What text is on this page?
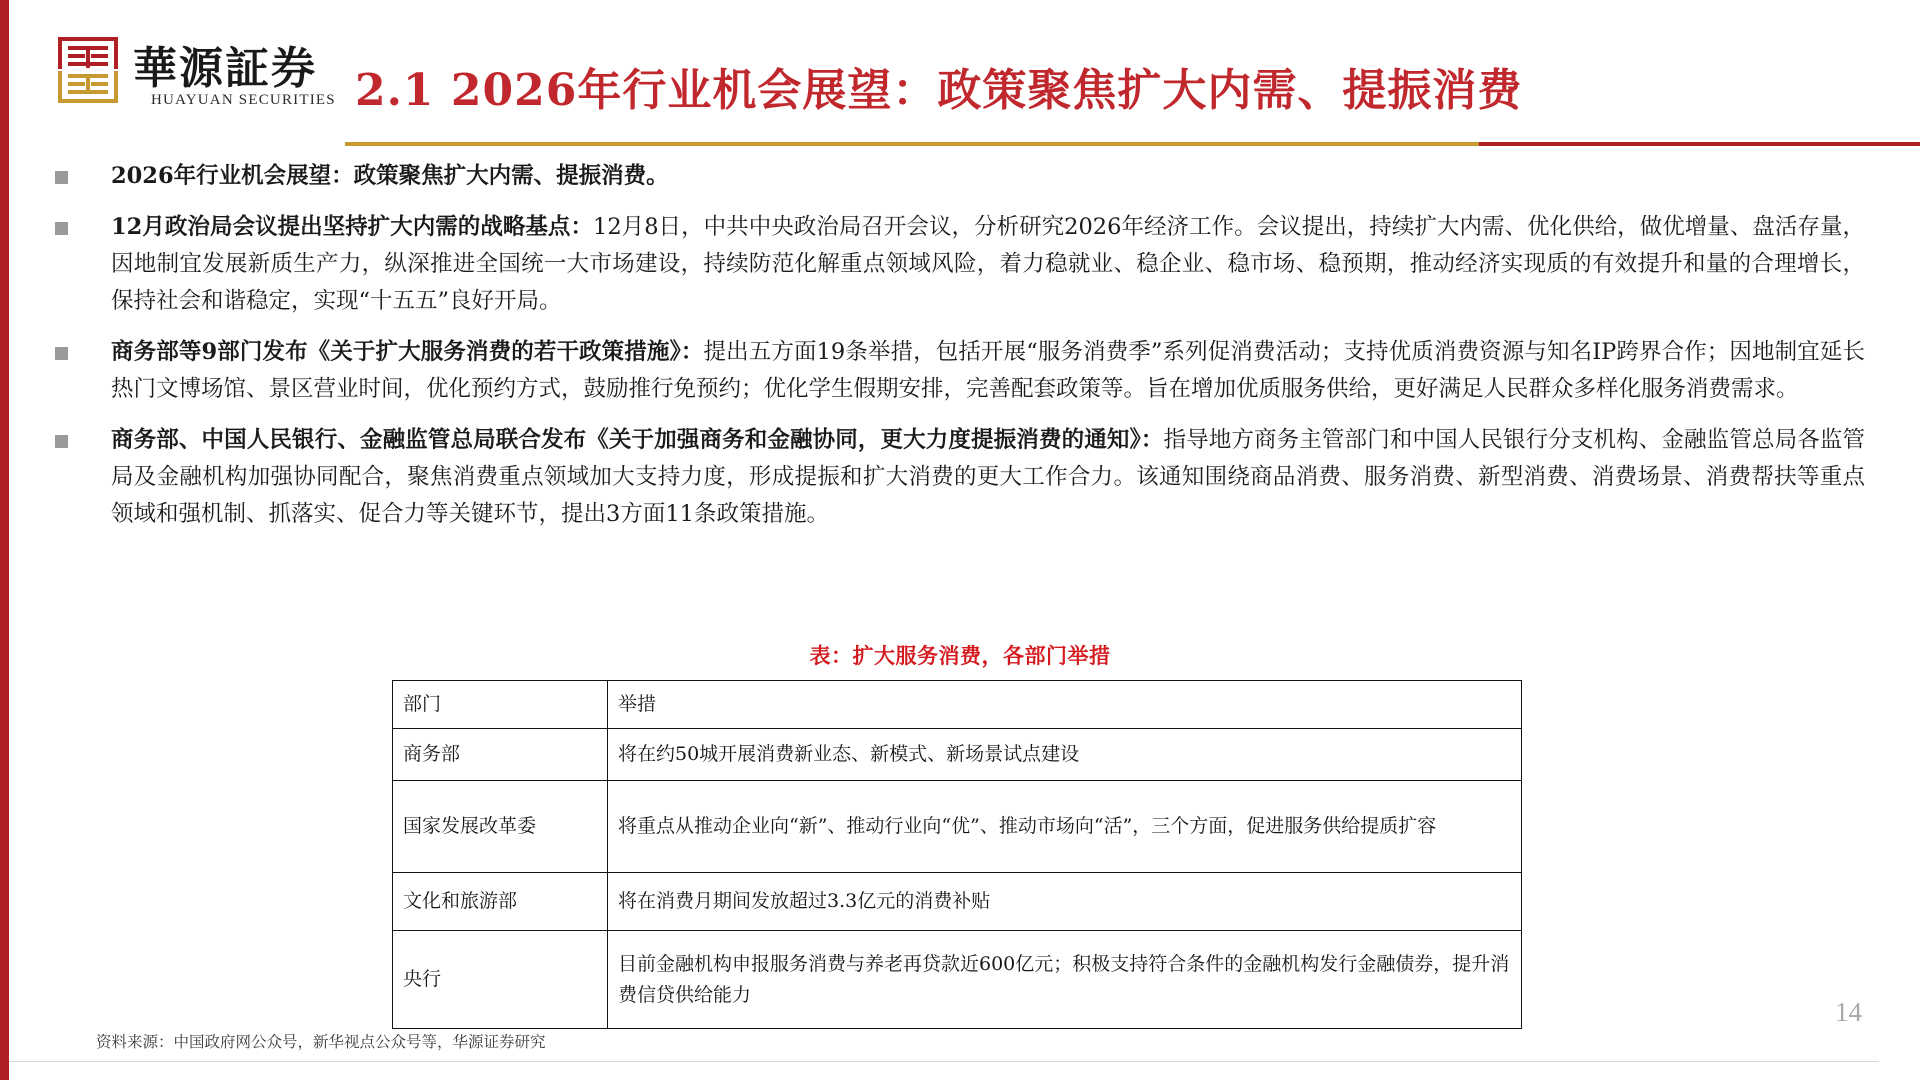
華源証券
HUAYUAN SECURITIES 2.1 2026年行业机会展望：政策聚焦扩大内需、提振消费

2026年行业机会展望：政策聚焦扩大内需、提振消费。

12月政治局会议提出坚持扩大内需的战略基点：12月8日，中共中央政治局召开会议，分析研究2026年经济工作。会议提出，持续扩大内需、优化供给，做优增量、盘活存量，因地制宜发展新质生产力，纵深推进全国统一大市场建设，持续防范化解重点领域风险，着力稳就业、稳企业、稳市场、稳预期，推动经济实现质的有效提升和量的合理增长，保持社会和谐稳定，实现“十五五”良好开局。

商务部等9部门发布《关于扩大服务消费的若干政策措施》：提出五方面19条举措，包括开展“服务消费季”系列促消费活动；支持优质消费资源与知名IP跨界合作；因地制宜延长热门文博场馆、景区营业时间，优化预约方式，鼓励推行免预约；优化学生假期安排，完善配套政策等。旨在增加优质服务供给，更好满足人民群众多样化服务消费需求。

商务部、中国人民银行、金融监管总局联合发布《关于加强商务和金融协同，更大力度提振消费的通知》：指导地方商务主管部门和中国人民银行分支机构、金融监管总局各监管局及金融机构加强协同配合，聚焦消费重点领域加大支持力度，形成提振和扩大消费的更大工作合力。该通知围绕商品消费、服务消费、新型消费、消费场景、消费帮扶等重点领域和强机制、抓落实、促合力等关键环节，提出3方面11条政策措施。

表：扩大服务消费，各部门举措
部门	举措
商务部	将在约50城开展消费新业态、新模式、新场景试点建设
国家发展改革委	将重点从推动企业向“新”、推动行业向“优”、推动市场向“活”，三个方面，促进服务供给提质扩容
文化和旅游部	将在消费月期间发放超过3.3亿元的消费补贴
央行	目前金融机构申报服务消费与养老再贷款近600亿元；积极支持符合条件的金融机构发行金融债券，提升消费信贷供给能力
资料来源：中国政府网公众号，新华视点公众号等，华源证券研究
14
